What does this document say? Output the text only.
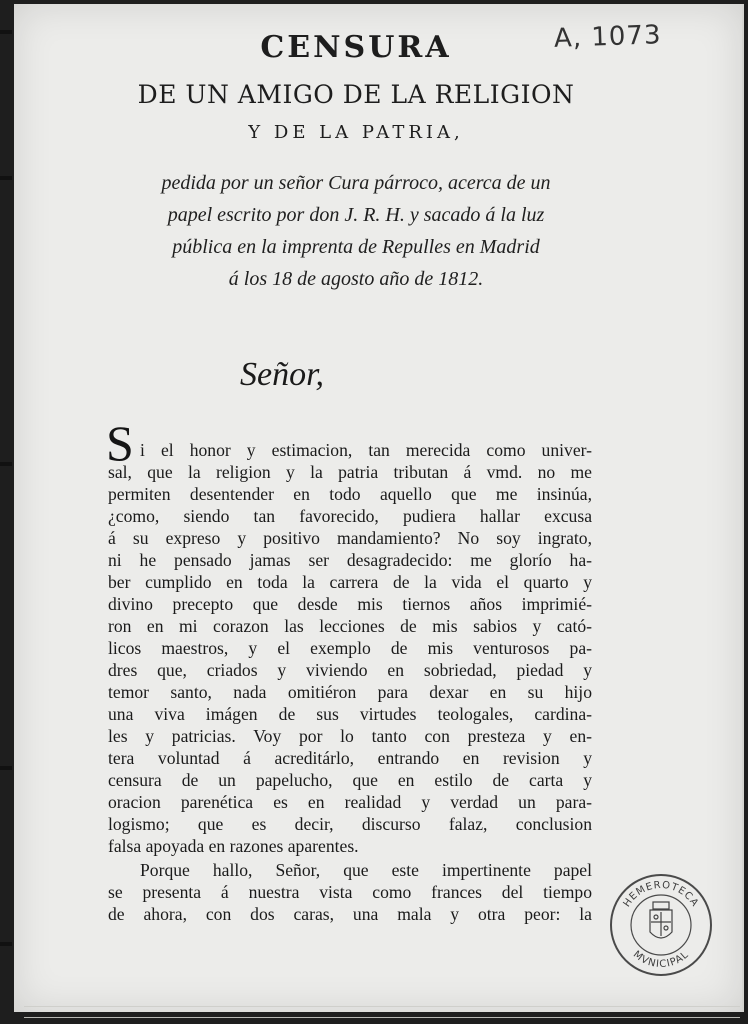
A, 1073
CENSURA
DE UN AMIGO DE LA RELIGION
Y DE LA PATRIA,
pedida por un señor Cura párroco, acerca de un
papel escrito por don J. R. H. y sacado á la luz
pública en la imprenta de Repulles en Madrid
á los 18 de agosto año de 1812.
Señor,
S i el honor y estimacion, tan merecida como univer-
sal, que la religion y la patria tributan á vmd. no me
permiten desentender en todo aquello que me insinúa,
¿como, siendo tan favorecido, pudiera hallar excusa
á su expreso y positivo mandamiento? No soy ingrato,
ni he pensado jamas ser desagradecido: me glorío ha-
ber cumplido en toda la carrera de la vida el quarto y
divino precepto que desde mis tiernos años imprimié-
ron en mi corazon las lecciones de mis sabios y cató-
licos maestros, y el exemplo de mis venturosos pa-
dres que, criados y viviendo en sobriedad, piedad y
temor santo, nada omitiéron para dexar en su hijo
una viva imágen de sus virtudes teologales, cardina-
les y patricias. Voy por lo tanto con presteza y en-
tera voluntad á acreditárlo, entrando en revision y
censura de un papelucho, que en estilo de carta y
oracion parenética es en realidad y verdad un para-
logismo; que es decir, discurso falaz, conclusion
falsa apoyada en razones aparentes.
Porque hallo, Señor, que este impertinente papel
se presenta á nuestra vista como frances del tiempo
de ahora, con dos caras, una mala y otra peor: la
HEMEROTECA
MVNICIPAL
